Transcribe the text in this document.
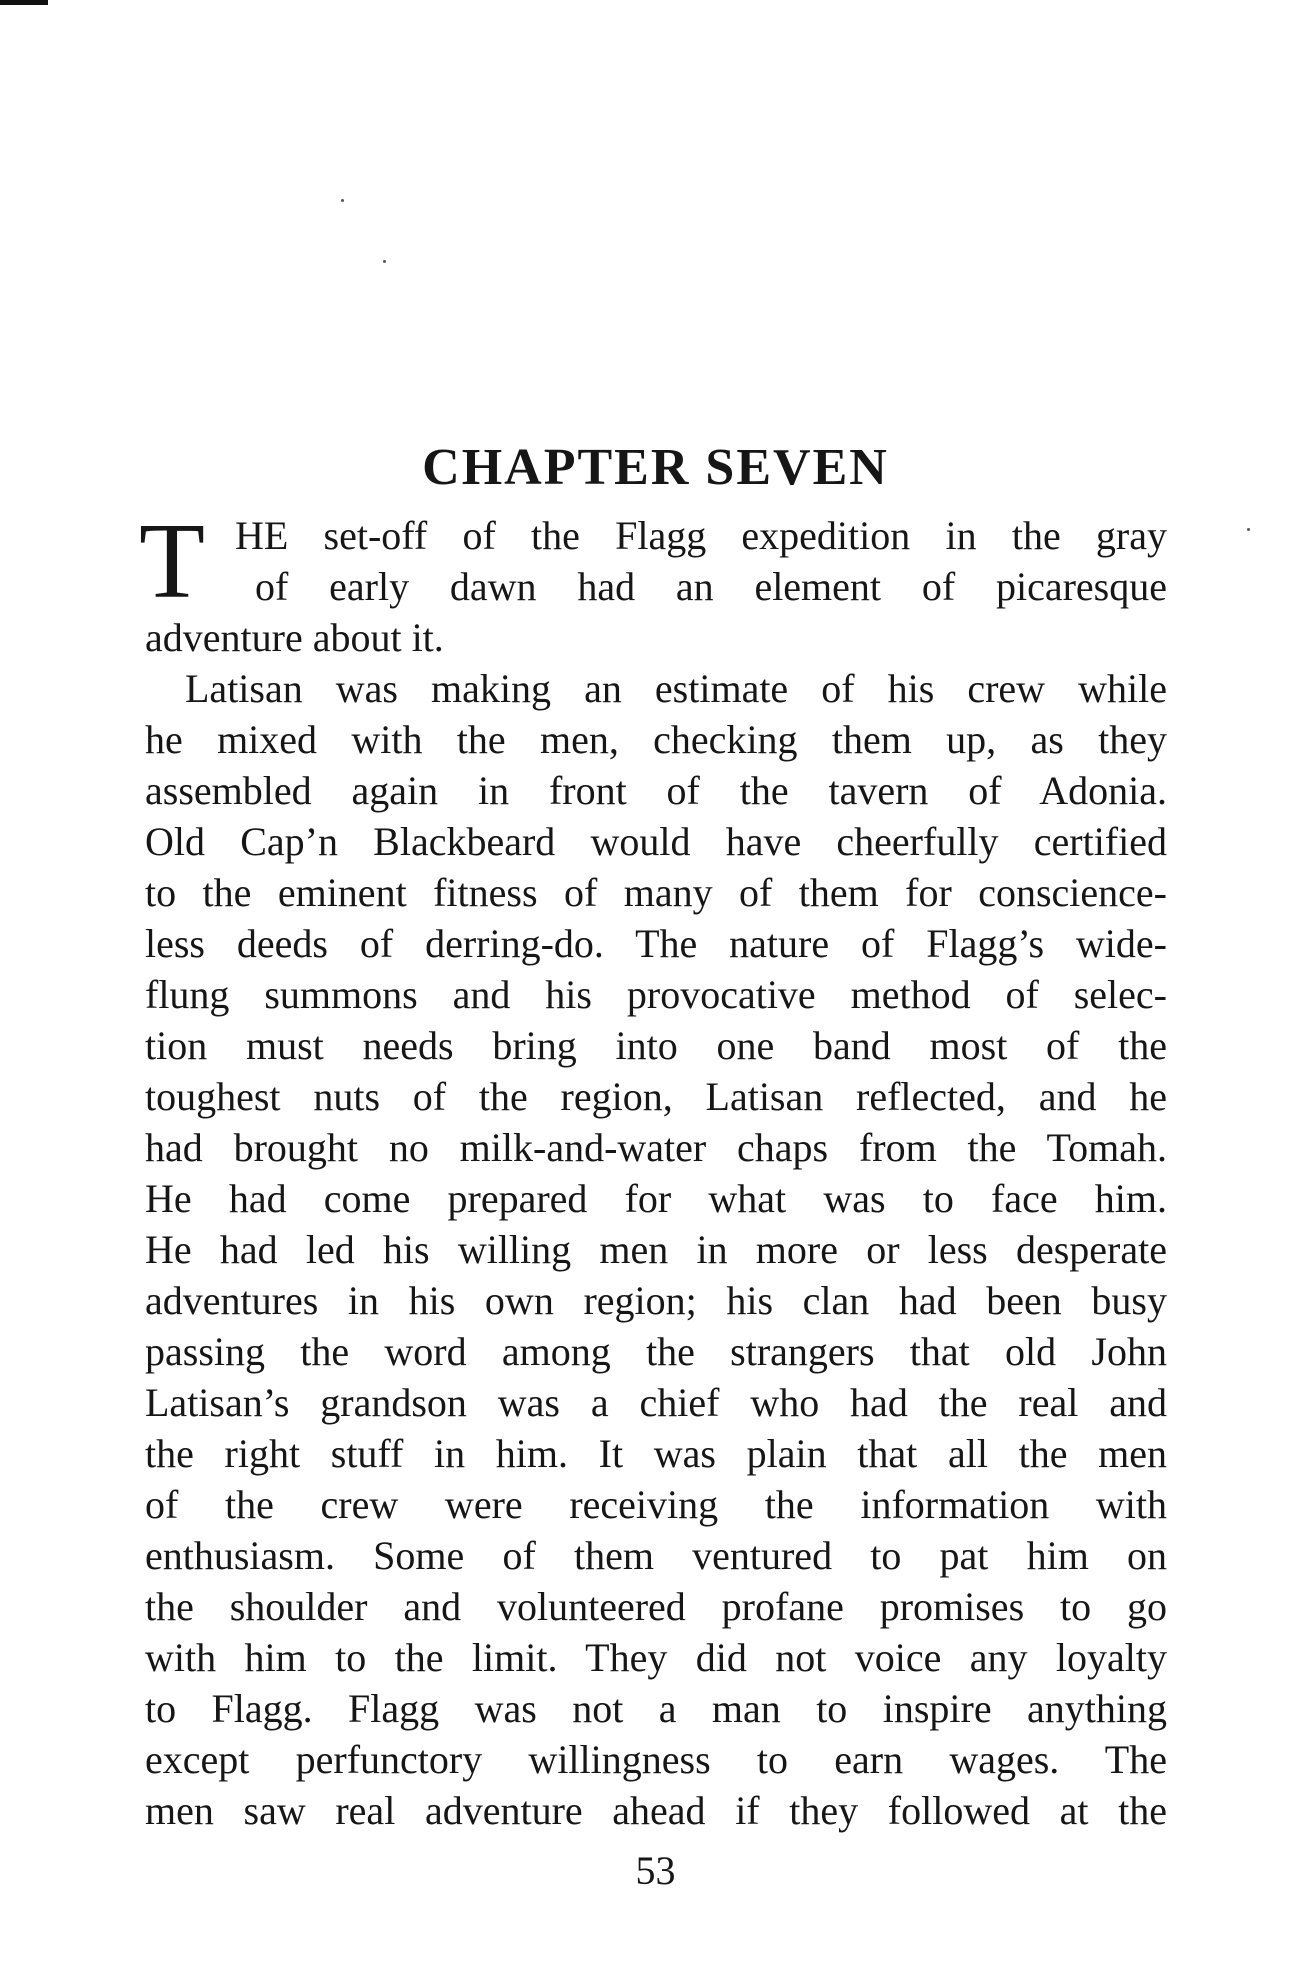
CHAPTER SEVEN
T HE set-off of the Flagg expedition in the gray
of early dawn had an element of picaresque
adventure about it.
Latisan was making an estimate of his crew while
he mixed with the men, checking them up, as they
assembled again in front of the tavern of Adonia.
Old Cap’n Blackbeard would have cheerfully certified
to the eminent fitness of many of them for conscience-
less deeds of derring-do. The nature of Flagg’s wide-
flung summons and his provocative method of selec-
tion must needs bring into one band most of the
toughest nuts of the region, Latisan reflected, and he
had brought no milk-and-water chaps from the Tomah.
He had come prepared for what was to face him.
He had led his willing men in more or less desperate
adventures in his own region; his clan had been busy
passing the word among the strangers that old John
Latisan’s grandson was a chief who had the real and
the right stuff in him. It was plain that all the men
of the crew were receiving the information with
enthusiasm. Some of them ventured to pat him on
the shoulder and volunteered profane promises to go
with him to the limit. They did not voice any loyalty
to Flagg. Flagg was not a man to inspire anything
except perfunctory willingness to earn wages. The
men saw real adventure ahead if they followed at the
53
